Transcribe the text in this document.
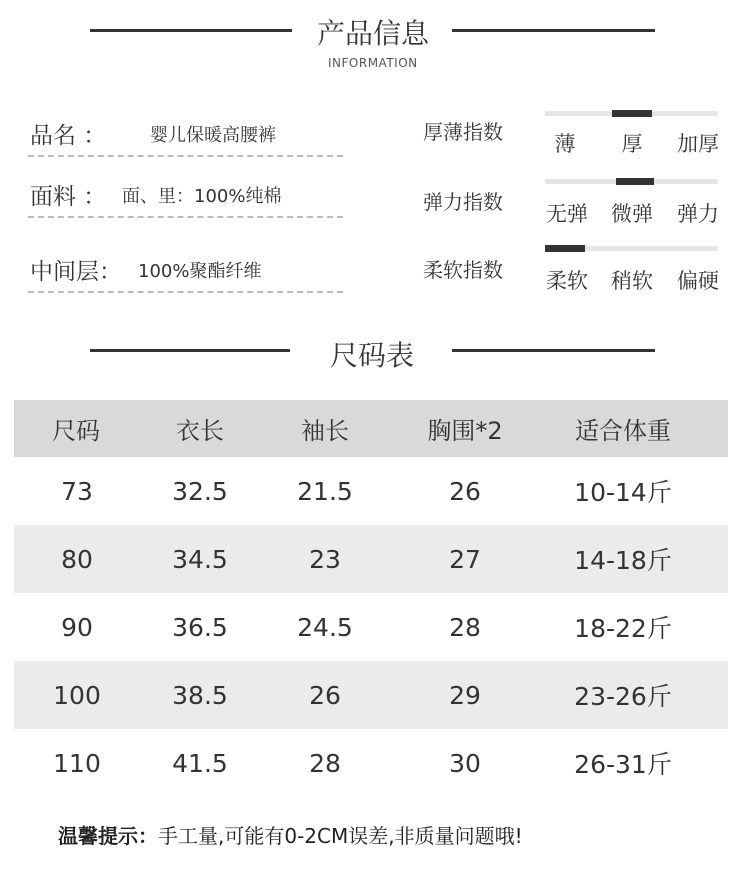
产品信息
INFORMATION
品名 ： 婴儿保暖高腰裤
面料 ： 面、里：100%纯棉
中间层： 100%聚酯纤维
厚薄指数 薄 厚 加厚
弹力指数 无弹 微弹 弹力
柔软指数 柔软 稍软 偏硬
尺码表
尺码	衣长	袖长	胸围*2	适合体重
73	32.5	21.5	26	10-14斤
80	34.5	23	27	14-18斤
90	36.5	24.5	28	18-22斤
100	38.5	26	29	23-26斤
110	41.5	28	30	26-31斤
温馨提示：手工量,可能有0-2CM误差,非质量问题哦!
